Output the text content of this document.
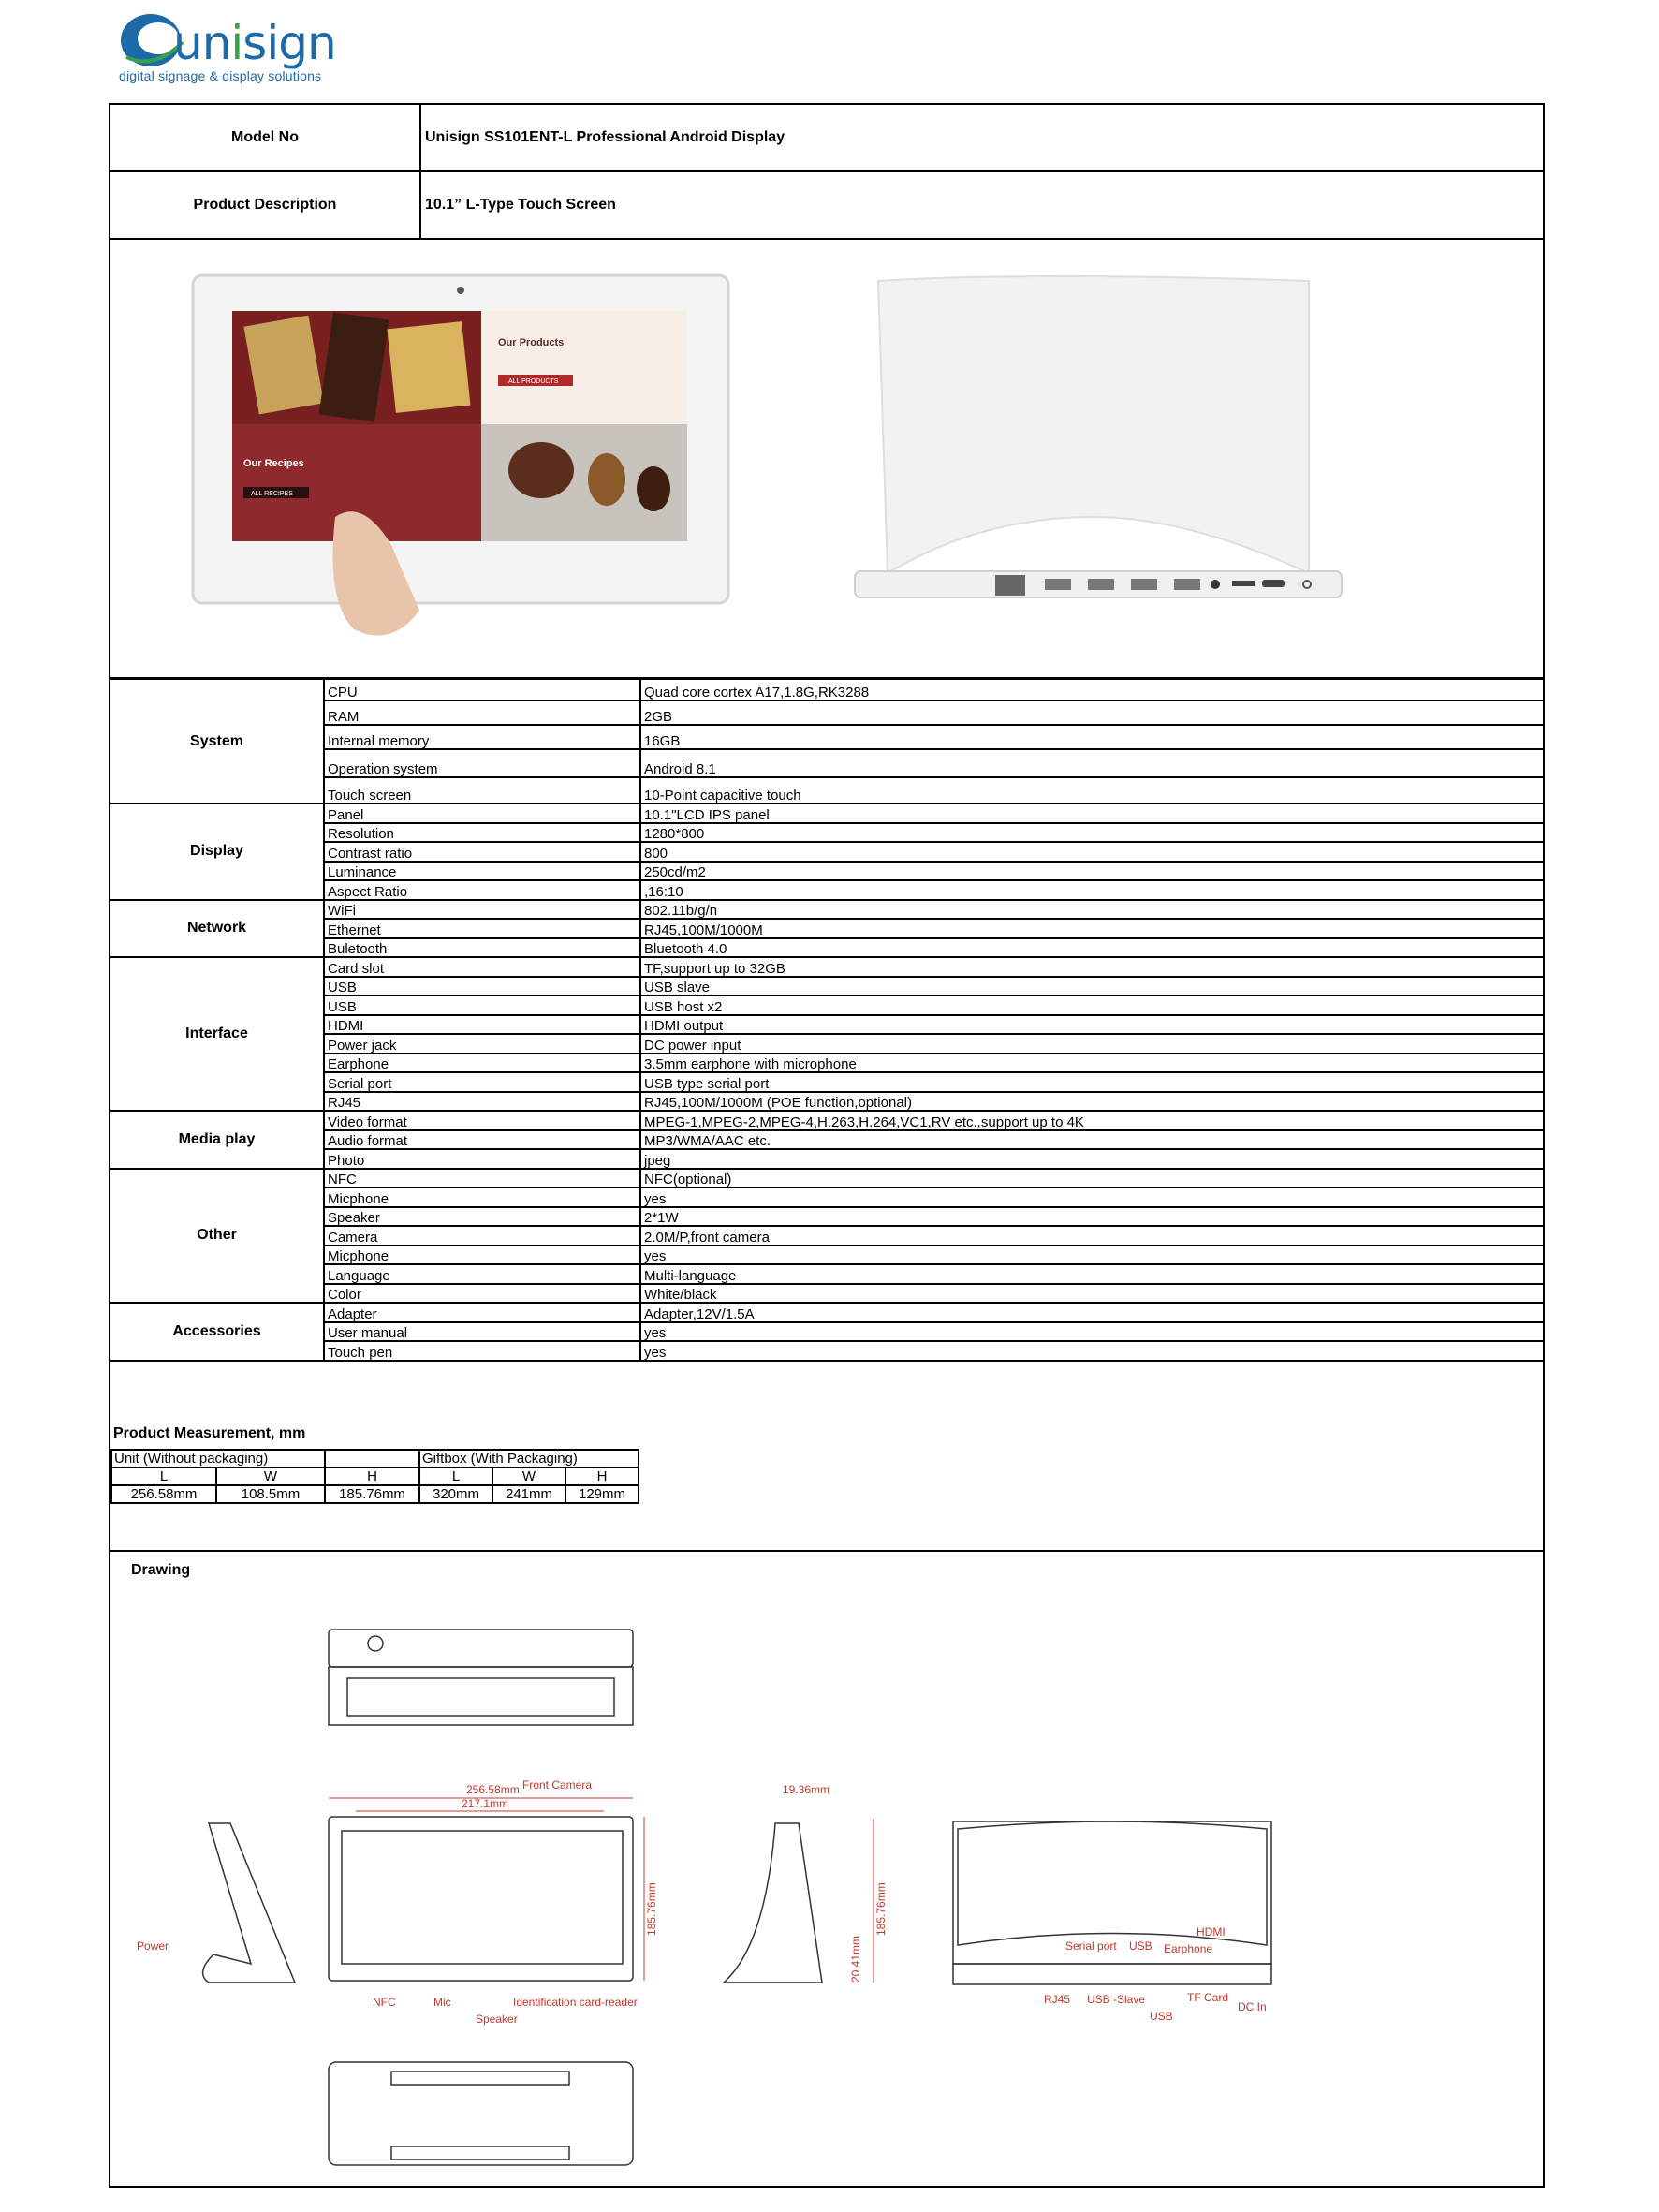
unisign
digital signage & display solutions
Model No	Unisign SS101ENT-L Professional Android Display
Product Description	10.1” L-Type Touch Screen
Our Products
ALL PRODUCTS
Our Recipes
ALL RECIPES
System	CPU	Quad core cortex A17,1.8G,RK3288
	RAM	2GB
	Internal memory	16GB
	Operation system	Android 8.1
	Touch screen	10-Point capacitive touch
Display	Panel	10.1"LCD IPS panel
	Resolution	1280*800
	Contrast ratio	800
	Luminance	250cd/m2
	Aspect Ratio	,16:10
Network	WiFi	802.11b/g/n
	Ethernet	RJ45,100M/1000M
	Buletooth	Bluetooth 4.0
Interface	Card slot	TF,support up to 32GB
	USB	USB slave
	USB	USB host x2
	HDMI	HDMI output
	Power jack	DC power input
	Earphone	3.5mm earphone with microphone
	Serial port	USB type serial port
	RJ45	RJ45,100M/1000M (POE function,optional)
Media play	Video format	MPEG-1,MPEG-2,MPEG-4,H.263,H.264,VC1,RV etc.,support up to 4K
	Audio format	MP3/WMA/AAC etc.
	Photo	jpeg
Other	NFC	NFC(optional)
	Micphone	yes
	Speaker	2*1W
	Camera	2.0M/P,front camera
	Micphone	yes
	Language	Multi-language
	Color	White/black
Accessories	Adapter	Adapter,12V/1.5A
	User manual	yes
	Touch pen	yes
Product Measurement, mm
Unit (Without packaging)			Giftbox (With Packaging)		
L	W	H	L	W	H
256.58mm	108.5mm	185.76mm	320mm	241mm	129mm
Drawing
256.58mm Front Camera
217.1mm
Power
NFC	Mic
Speaker
Identification card-reader
19.36mm
HDMI
Serial port USB Earphone
RJ45 USB -Slave
USB
TF Card
DC In
185.76mm	185.76mm
20.41mm
